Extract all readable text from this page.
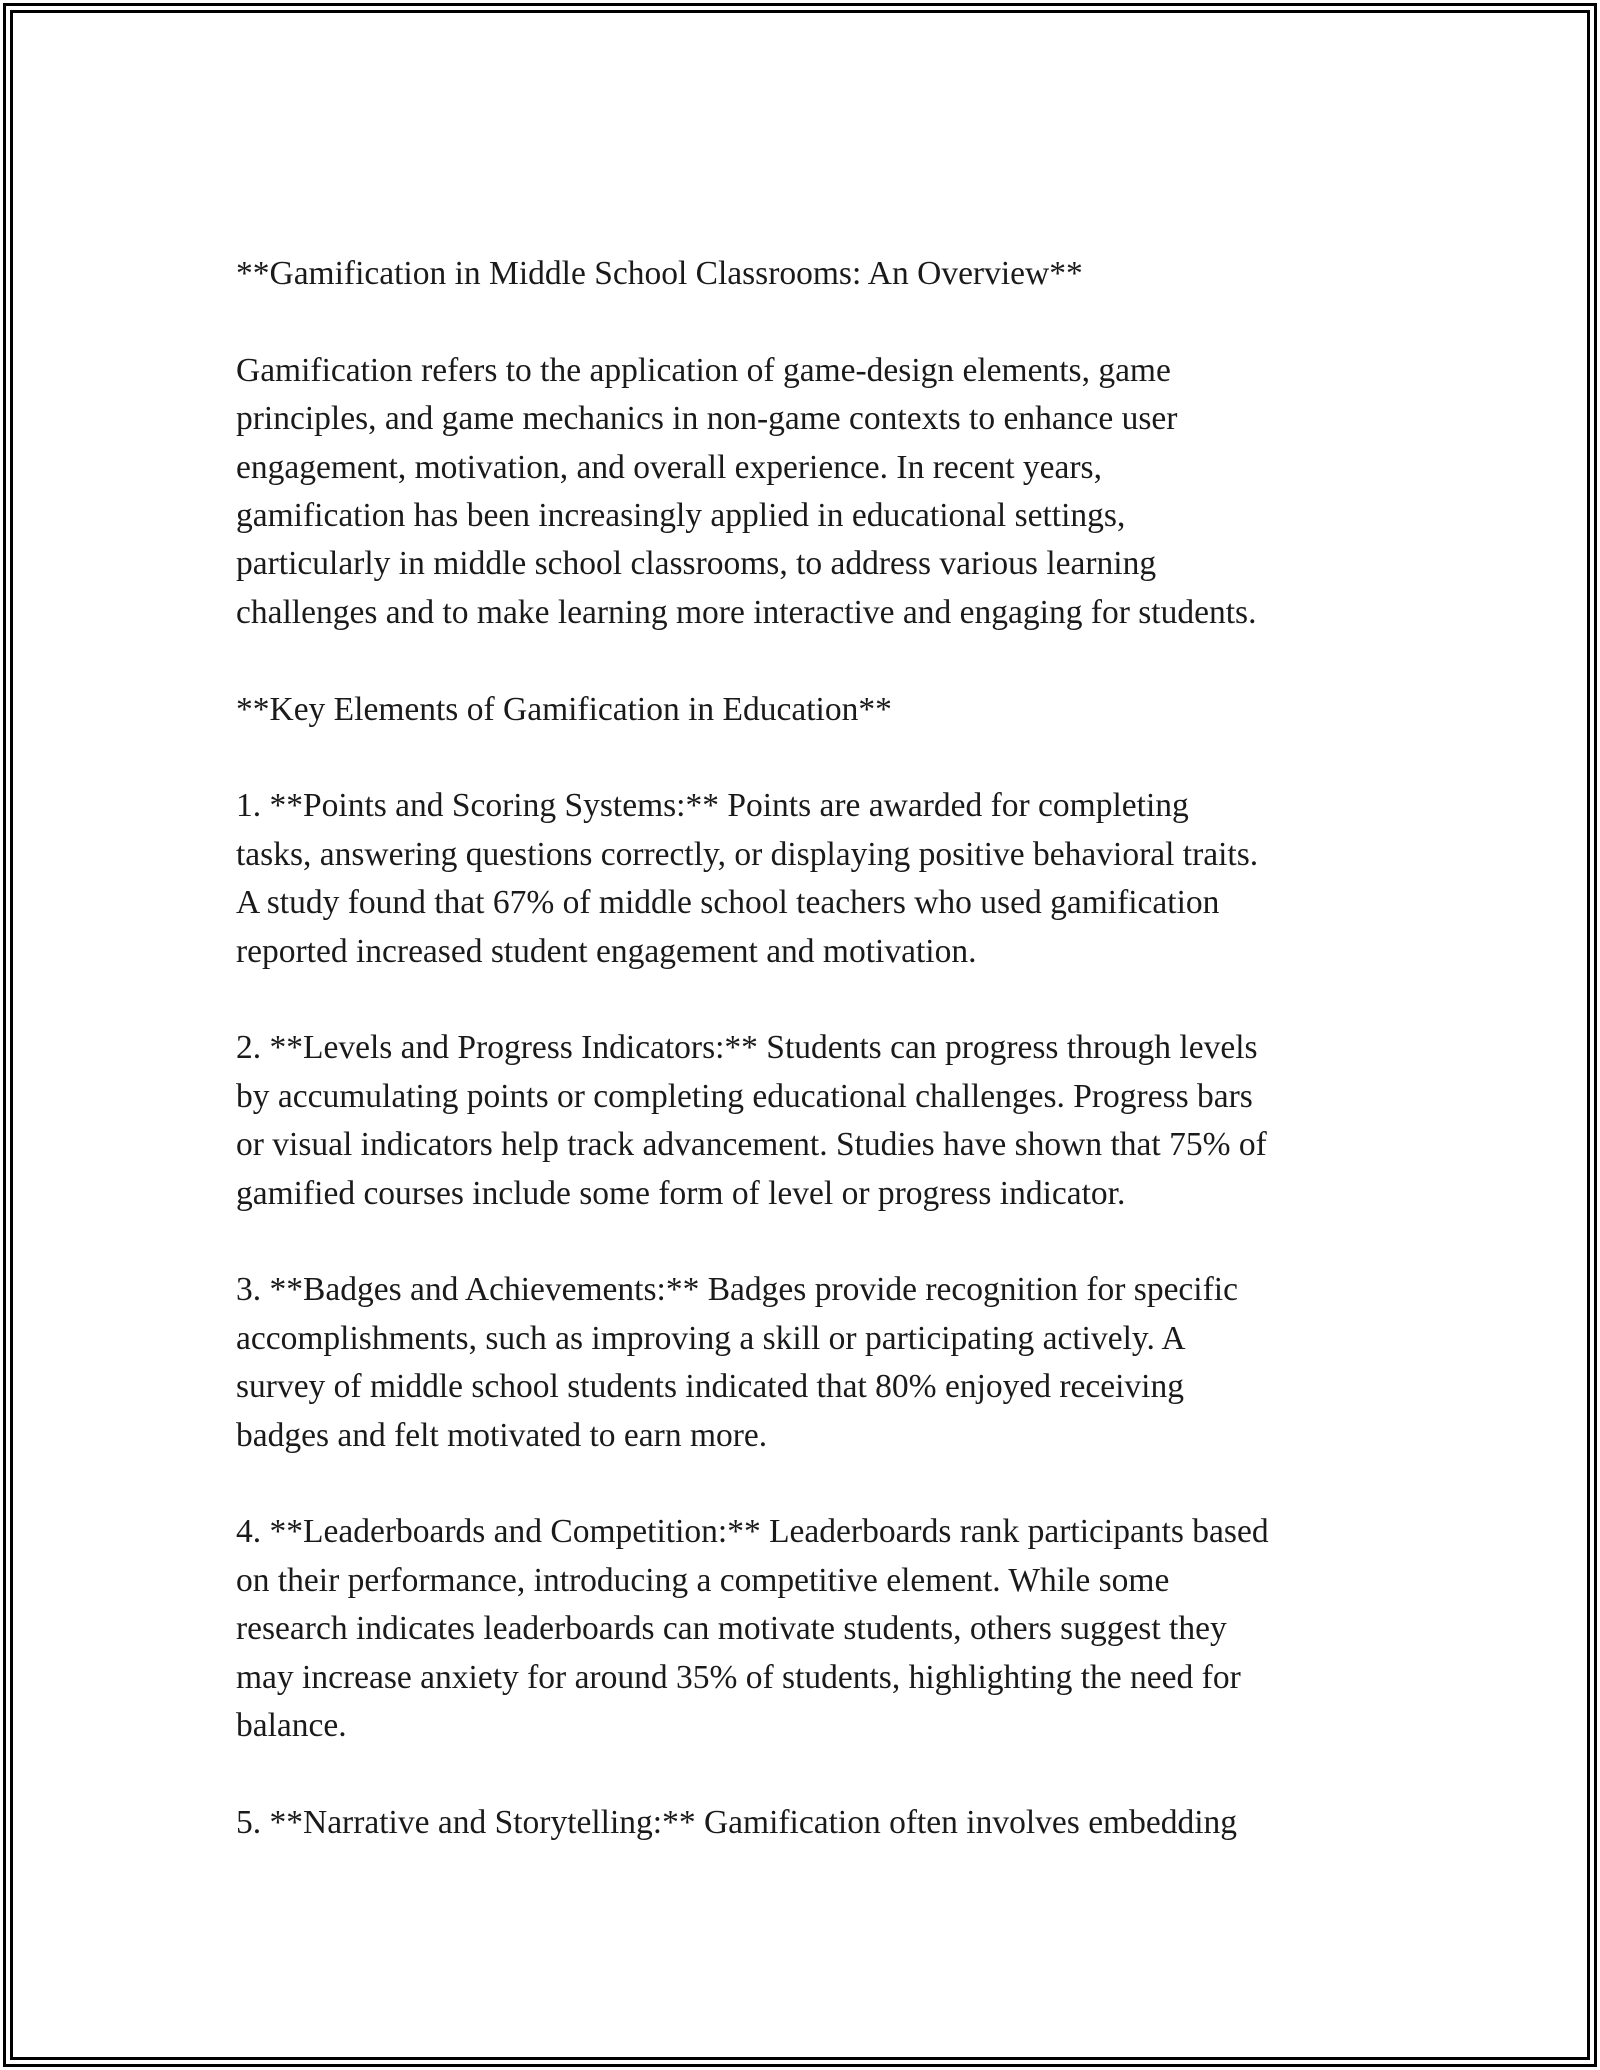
**Gamification in Middle School Classrooms: An Overview**

Gamification refers to the application of game-design elements, game
principles, and game mechanics in non-game contexts to enhance user
engagement, motivation, and overall experience. In recent years,
gamification has been increasingly applied in educational settings,
particularly in middle school classrooms, to address various learning
challenges and to make learning more interactive and engaging for students.

**Key Elements of Gamification in Education**

1. **Points and Scoring Systems:** Points are awarded for completing
tasks, answering questions correctly, or displaying positive behavioral traits.
A study found that 67% of middle school teachers who used gamification
reported increased student engagement and motivation.

2. **Levels and Progress Indicators:** Students can progress through levels
by accumulating points or completing educational challenges. Progress bars
or visual indicators help track advancement. Studies have shown that 75% of
gamified courses include some form of level or progress indicator.

3. **Badges and Achievements:** Badges provide recognition for specific
accomplishments, such as improving a skill or participating actively. A
survey of middle school students indicated that 80% enjoyed receiving
badges and felt motivated to earn more.

4. **Leaderboards and Competition:** Leaderboards rank participants based
on their performance, introducing a competitive element. While some
research indicates leaderboards can motivate students, others suggest they
may increase anxiety for around 35% of students, highlighting the need for
balance.

5. **Narrative and Storytelling:** Gamification often involves embedding
